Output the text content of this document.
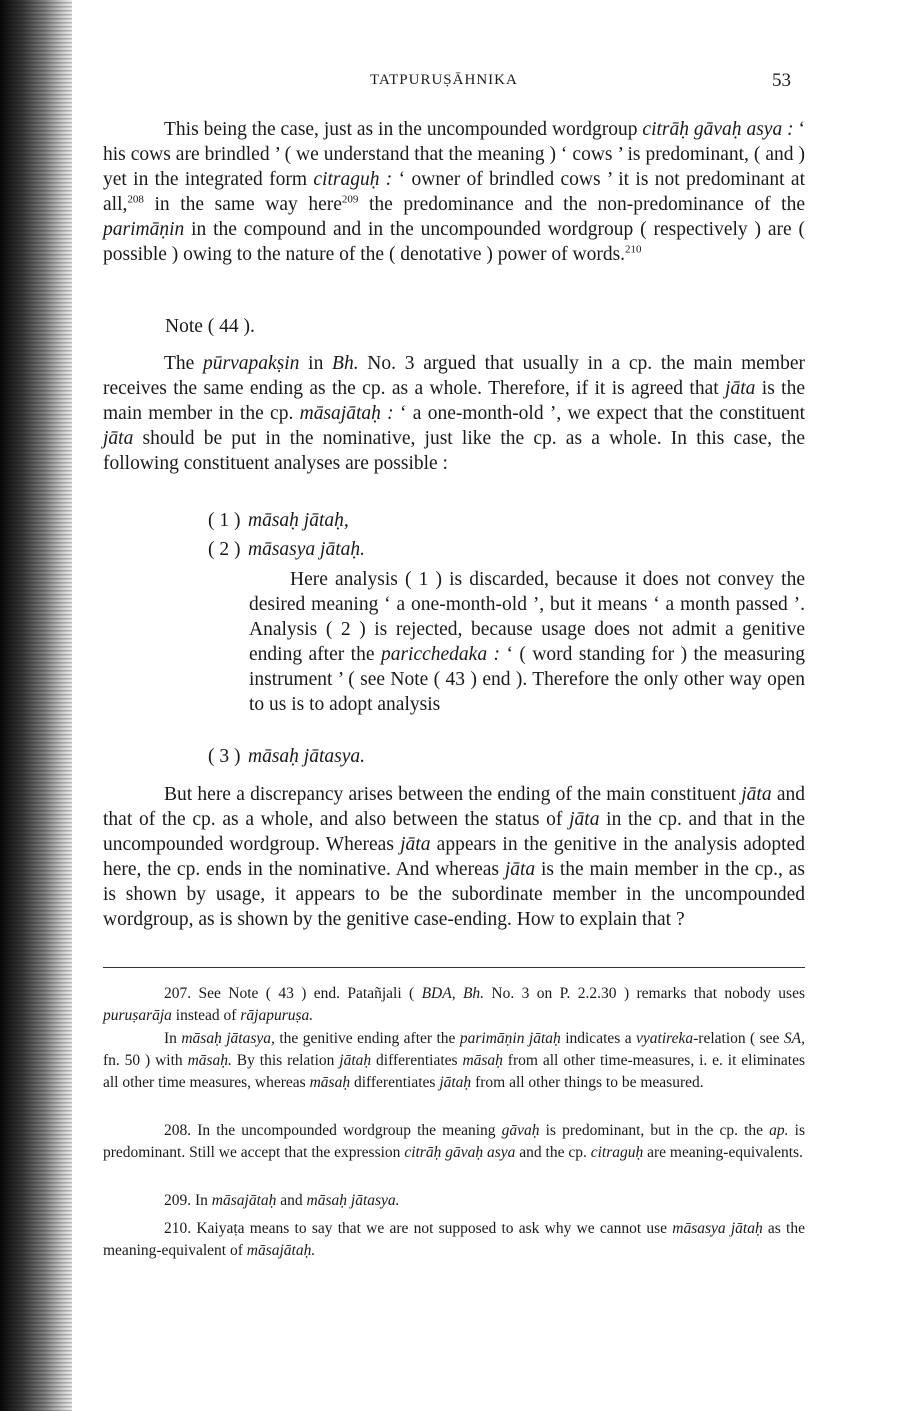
TATPURUṢĀHNIKA	53

This being the case, just as in the uncompounded wordgroup citrāḥ gāvaḥ asya : ‘ his cows are brindled ’ ( we understand that the meaning ) ‘ cows ’ is predominant, ( and ) yet in the integrated form citraguḥ : ‘ owner of brindled cows ’ it is not predominant at all,$^{208}$ in the same way here$^{209}$ the predominance and the non-predominance of the parimāṇin in the compound and in the uncompounded wordgroup ( respectively ) are ( possible ) owing to the nature of the ( denotative ) power of words.$^{210}$

Note ( 44 ).

The pūrvapakṣin in Bh. No. 3 argued that usually in a cp. the main member receives the same ending as the cp. as a whole. Therefore, if it is agreed that jāta is the main member in the cp. māsajātaḥ : ‘ a one-month-old ’, we expect that the constituent jāta should be put in the nominative, just like the cp. as a whole. In this case, the following constituent analyses are possible :

( 1 ) māsaḥ jātaḥ,

( 2 ) māsasya jātaḥ.

Here analysis ( 1 ) is discarded, because it does not convey the desired meaning ‘ a one-month-old ’, but it means ‘ a month passed ’. Analysis ( 2 ) is rejected, because usage does not admit a genitive ending after the paricchedaka : ‘ ( word standing for ) the measuring instrument ’ ( see Note ( 43 ) end ). Therefore the only other way open to us is to adopt analysis

( 3 ) māsaḥ jātasya.

But here a discrepancy arises between the ending of the main constituent jāta and that of the cp. as a whole, and also between the status of jāta in the cp. and that in the uncompounded wordgroup. Whereas jāta appears in the genitive in the analysis adopted here, the cp. ends in the nominative. And whereas jāta is the main member in the cp., as is shown by usage, it appears to be the subordinate member in the uncompounded wordgroup, as is shown by the genitive case-ending. How to explain that ?

207. See Note ( 43 ) end. Patañjali ( BDA, Bh. No. 3 on P. 2.2.30 ) remarks that nobody uses puruṣarāja instead of rājapuruṣa.

In māsaḥ jātasya, the genitive ending after the parimāṇin jātaḥ indicates a vyatireka-relation ( see SA, fn. 50 ) with māsaḥ. By this relation jātaḥ differentiates māsaḥ from all other time-measures, i. e. it eliminates all other time measures, whereas māsaḥ differentiates jātaḥ from all other things to be measured.

208. In the uncompounded wordgroup the meaning gāvaḥ is predominant, but in the cp. the ap. is predominant. Still we accept that the expression citrāḥ gāvaḥ asya and the cp. citraguḥ are meaning-equivalents.

209. In māsajātaḥ and māsaḥ jātasya.

210. Kaiyaṭa means to say that we are not supposed to ask why we cannot use māsasya jātaḥ as the meaning-equivalent of māsajātaḥ.
